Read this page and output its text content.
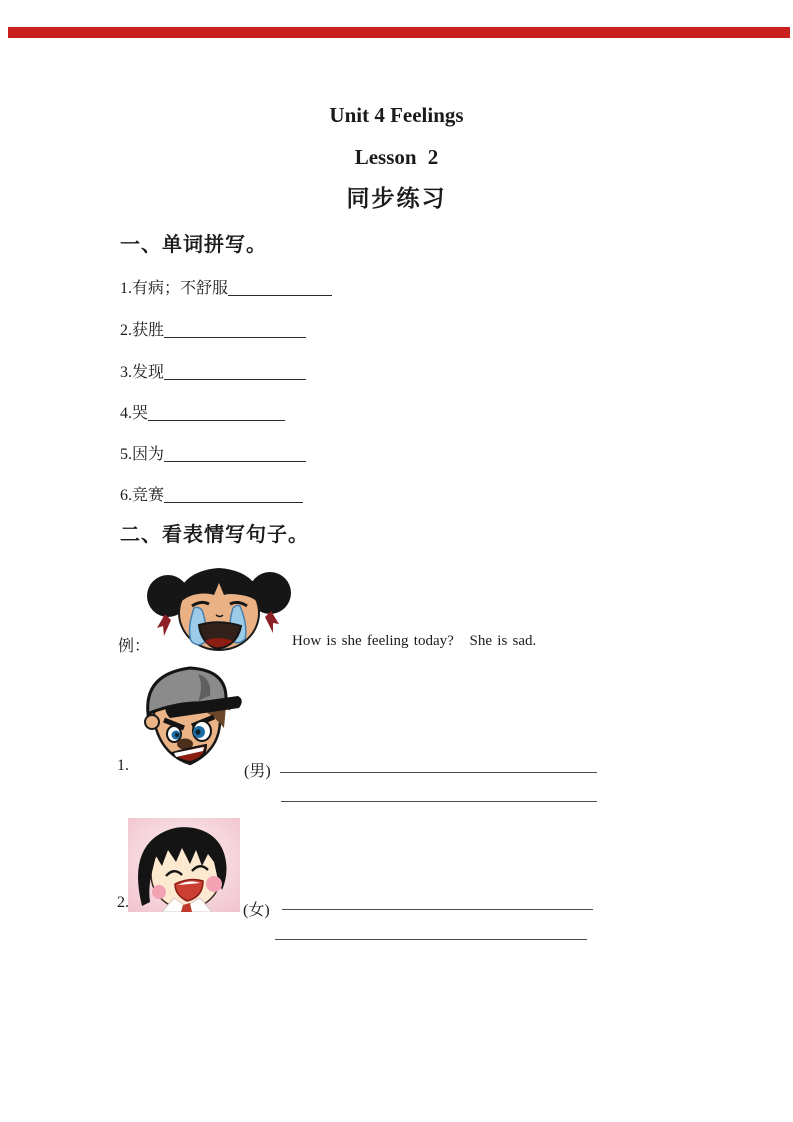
Unit 4 Feelings
Lesson 2
同步练习
一、单词拼写。
1.有病；不舒服
2.获胜
3.发现
4.哭
5.因为
6.竞赛
二、看表情写句子。
例：	How is she feeling today?   She is sad.
1.	(男)
2.	(女)
